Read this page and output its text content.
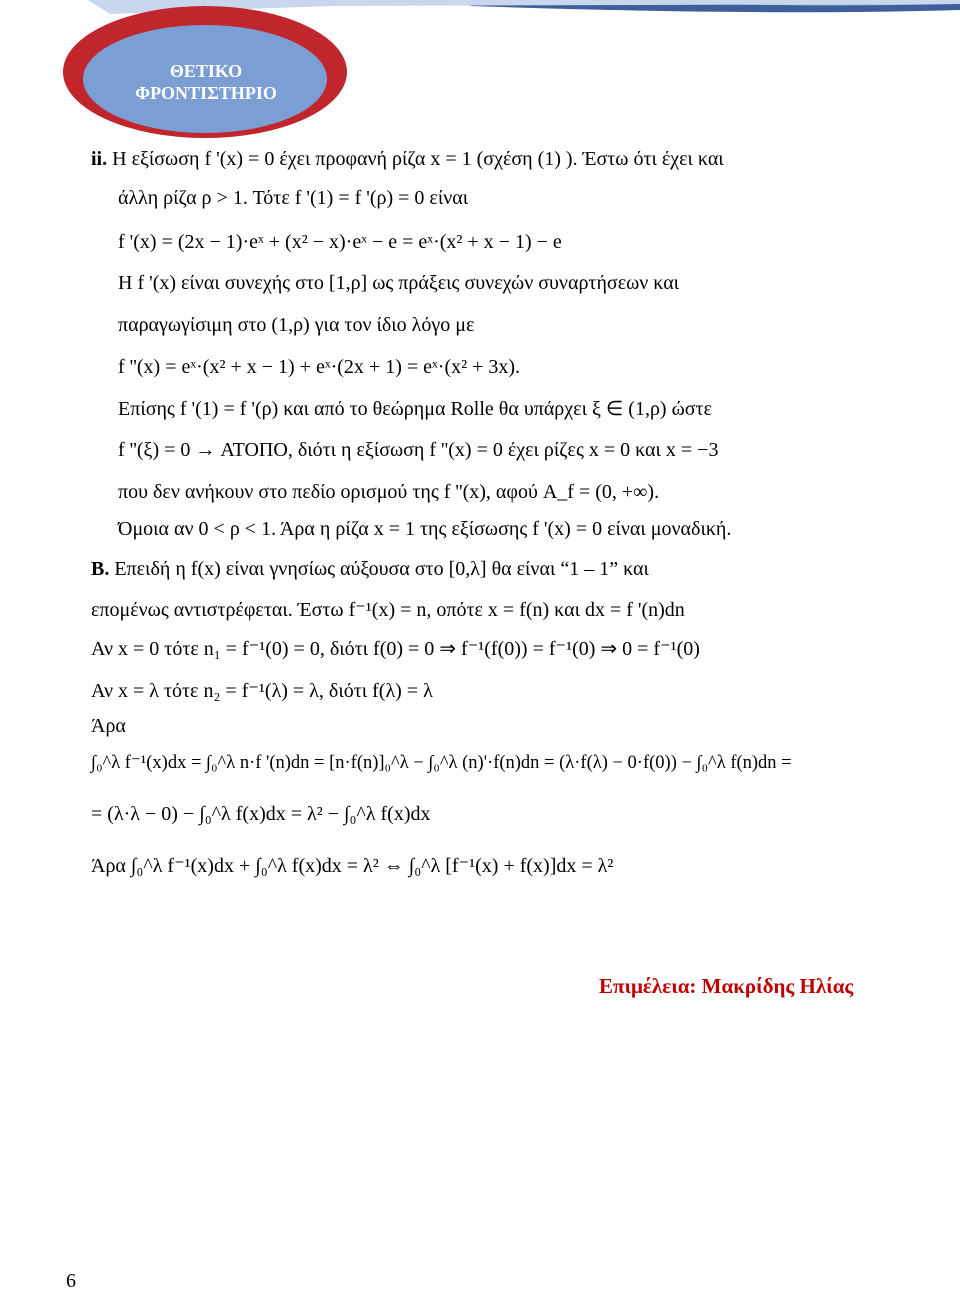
ΘΕΤΙΚΟ
ΦΡΟΝΤΙΣΤΗΡΙΟ
ii. Η εξίσωση f '(x) = 0 έχει προφανή ρίζα x = 1 (σχέση (1) ). Έστω ότι έχει και
άλλη ρίζα ρ > 1. Τότε f '(1) = f '(ρ) = 0 είναι
f '(x) = (2x − 1)·eˣ + (x² − x)·eˣ − e = eˣ·(x² + x − 1) − e
Η f '(x) είναι συνεχής στο [1,ρ] ως πράξεις συνεχών συναρτήσεων και
παραγωγίσιμη στο (1,ρ) για τον ίδιο λόγο με
f ''(x) = eˣ·(x² + x − 1) + eˣ·(2x + 1) = eˣ·(x² + 3x).
Επίσης f '(1) = f '(ρ) και από το θεώρημα Rolle θα υπάρχει ξ ∈ (1,ρ) ώστε
f ''(ξ) = 0 → ΑΤΟΠΟ, διότι η εξίσωση f ''(x) = 0 έχει ρίζες x = 0 και x = −3
που δεν ανήκουν στο πεδίο ορισμού της f ''(x), αφού A_f = (0, +∞).
Όμοια αν 0 < ρ < 1. Άρα η ρίζα x = 1 της εξίσωσης f '(x) = 0 είναι μοναδική.
Β. Επειδή η f(x) είναι γνησίως αύξουσα στο [0,λ] θα είναι “1 – 1” και
επομένως αντιστρέφεται. Έστω f⁻¹(x) = n, οπότε x = f(n) και dx = f '(n)dn
Αν x = 0 τότε n₁ = f⁻¹(0) = 0, διότι f(0) = 0 ⇒ f⁻¹(f(0)) = f⁻¹(0) ⇒ 0 = f⁻¹(0)
Αν x = λ τότε n₂ = f⁻¹(λ) = λ, διότι f(λ) = λ
Άρα
∫₀^λ f⁻¹(x)dx = ∫₀^λ n·f '(n)dn = [n·f(n)]₀^λ − ∫₀^λ (n)'·f(n)dn = (λ·f(λ) − 0·f(0)) − ∫₀^λ f(n)dn =
= (λ·λ − 0) − ∫₀^λ f(x)dx = λ² − ∫₀^λ f(x)dx
Άρα ∫₀^λ f⁻¹(x)dx + ∫₀^λ f(x)dx = λ² ⇔ ∫₀^λ [f⁻¹(x) + f(x)]dx = λ²
Επιμέλεια: Μακρίδης Ηλίας
6
